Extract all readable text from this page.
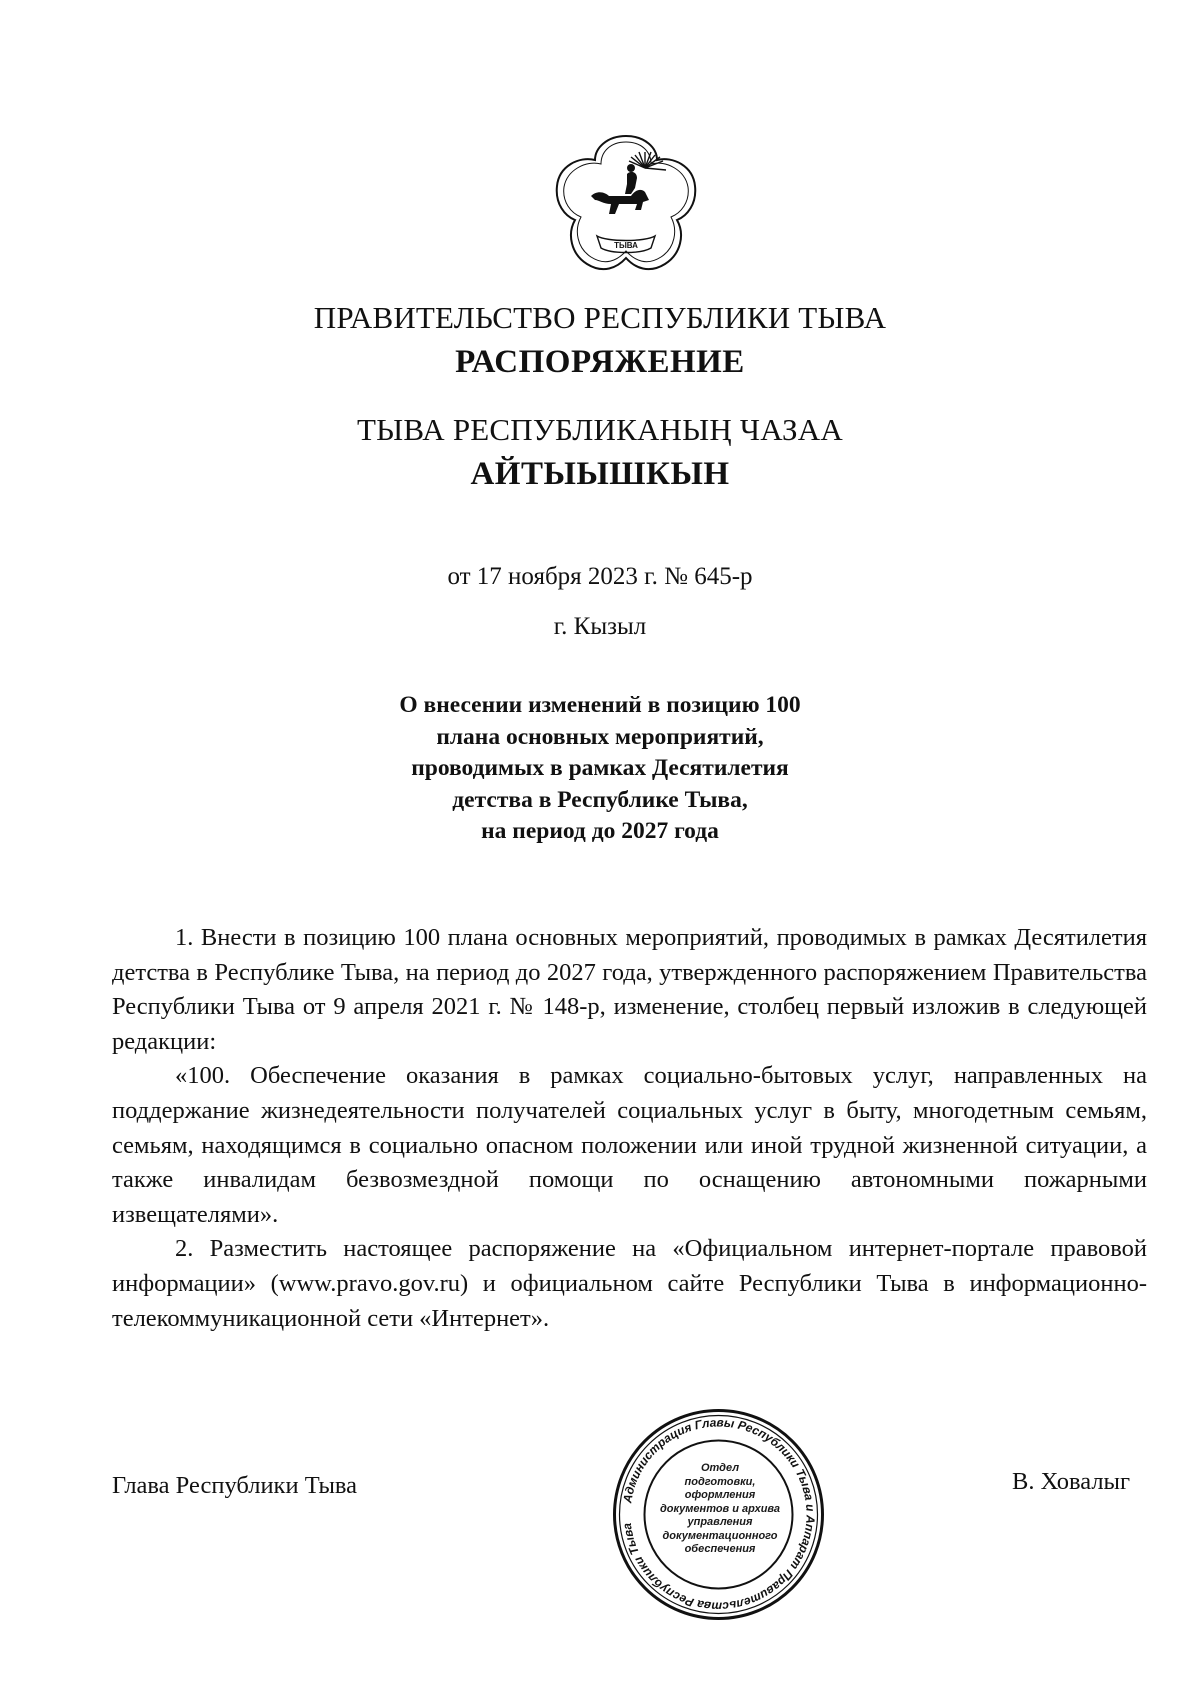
ТЫВА
ПРАВИТЕЛЬСТВО РЕСПУБЛИКИ ТЫВА
РАСПОРЯЖЕНИЕ
ТЫВА РЕСПУБЛИКАНЫҢ ЧАЗАА
АЙТЫЫШКЫН
от 17 ноября 2023 г. № 645-р
г. Кызыл
О внесении изменений в позицию 100
плана основных мероприятий,
проводимых в рамках Десятилетия
детства в Республике Тыва,
на период до 2027 года

1. Внести в позицию 100 плана основных мероприятий, проводимых в рамках Десятилетия детства в Республике Тыва, на период до 2027 года, утвержденного распоряжением Правительства Республики Тыва от 9 апреля 2021 г. № 148-р, изменение, столбец первый изложив в следующей редакции:

«100. Обеспечение оказания в рамках социально-бытовых услуг, направленных на поддержание жизнедеятельности получателей социальных услуг в быту, многодетным семьям, семьям, находящимся в социально опасном положении или иной трудной жизненной ситуации, а также инвалидам безвозмездной помощи по оснащению автономными пожарными извещателями».

2. Разместить настоящее распоряжение на «Официальном интернет-портале правовой информации» (www.pravo.gov.ru) и официальном сайте Республики Тыва в информационно-телекоммуникационной сети «Интернет».

Глава Республики Тыва	В. Ховалыг
Администрация Главы Республики Тыва и Аппарат Правительства Республики Тыва
Отдел
подготовки,
оформления
документов и архива
управления
документационного
обеспечения
